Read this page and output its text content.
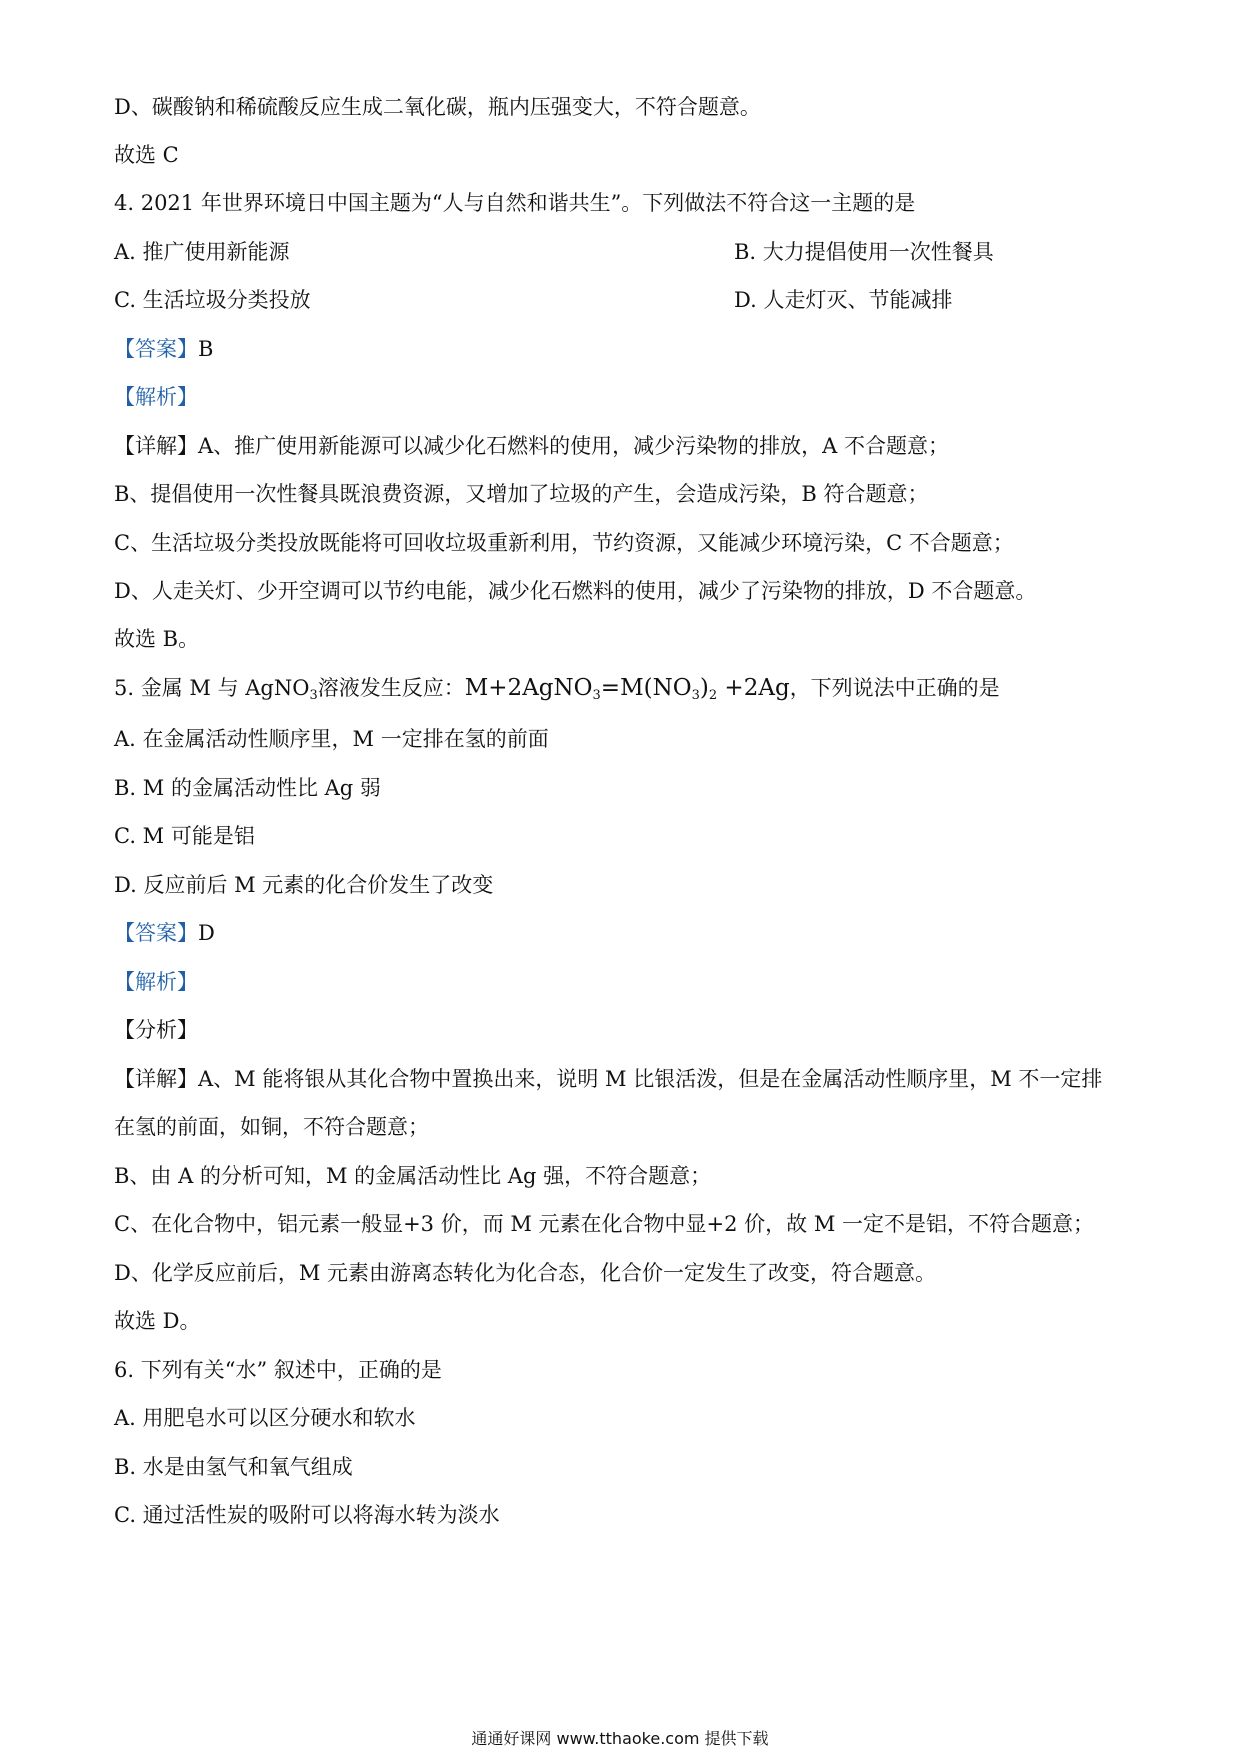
D、碳酸钠和稀硫酸反应生成二氧化碳，瓶内压强变大，不符合题意。
故选 C
4. 2021 年世界环境日中国主题为“人与自然和谐共生”。下列做法不符合这一主题的是
A. 推广使用新能源	B. 大力提倡使用一次性餐具
C. 生活垃圾分类投放	D. 人走灯灭、节能减排
【答案】B
【解析】
【详解】A、推广使用新能源可以减少化石燃料的使用，减少污染物的排放，A 不合题意；
B、提倡使用一次性餐具既浪费资源，又增加了垃圾的产生，会造成污染，B 符合题意；
C、生活垃圾分类投放既能将可回收垃圾重新利用，节约资源，又能减少环境污染，C 不合题意；
D、人走关灯、少开空调可以节约电能，减少化石燃料的使用，减少了污染物的排放，D 不合题意。
故选 B。
5. 金属 M 与 AgNO$_3$溶液发生反应：$M+2AgNO_3=M(NO_3)_2 +2Ag$，下列说法中正确的是
A. 在金属活动性顺序里，M 一定排在氢的前面
B. M 的金属活动性比 Ag 弱
C. M 可能是铝
D. 反应前后 M 元素的化合价发生了改变
【答案】D
【解析】
【分析】
【详解】A、M 能将银从其化合物中置换出来，说明 M 比银活泼，但是在金属活动性顺序里，M 不一定排
在氢的前面，如铜，不符合题意；
B、由 A 的分析可知，M 的金属活动性比 Ag 强，不符合题意；
C、在化合物中，铝元素一般显+3 价，而 M 元素在化合物中显+2 价，故 M 一定不是铝，不符合题意；
D、化学反应前后，M 元素由游离态转化为化合态，化合价一定发生了改变，符合题意。
故选 D。
6. 下列有关“水” 叙述中，正确的是
A. 用肥皂水可以区分硬水和软水
B. 水是由氢气和氧气组成
C. 通过活性炭的吸附可以将海水转为淡水
通通好课网 www.tthaoke.com 提供下载
